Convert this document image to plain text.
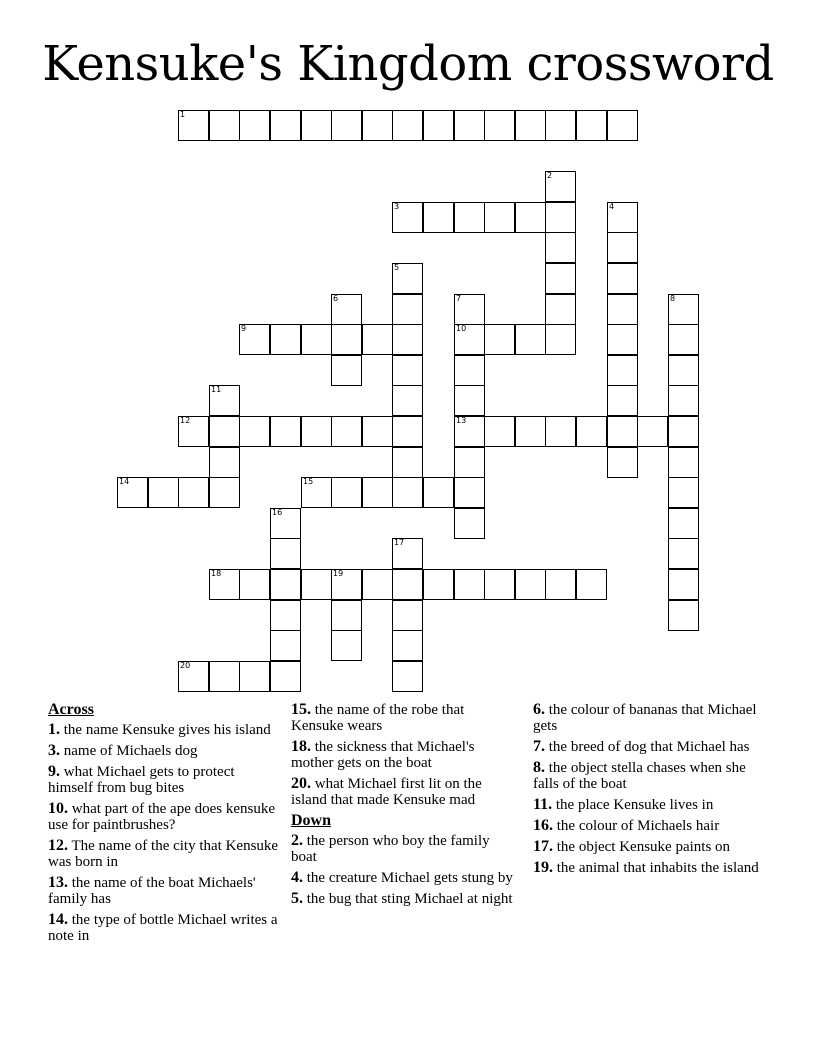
Kensuke's Kingdom crossword
1
2
3	4
5
6	7
10
13
8
9
11
12
14	15
16
17
18	19
20
Across
1. the name Kensuke gives his island
3. name of Michaels dog
9. what Michael gets to protect himself from bug bites
10. what part of the ape does kensuke use for paintbrushes?
12. The name of the city that Kensuke was born in
13. the name of the boat Michaels' family has
14. the type of bottle Michael writes a note in
15. the name of the robe that Kensuke wears
18. the sickness that Michael's mother gets on the boat
20. what Michael first lit on the island that made Kensuke mad
Down
2. the person who boy the family boat
4. the creature Michael gets stung by
5. the bug that sting Michael at night
6. the colour of bananas that Michael gets
7. the breed of dog that Michael has
8. the object stella chases when she falls of the boat
11. the place Kensuke lives in
16. the colour of Michaels hair
17. the object Kensuke paints on
19. the animal that inhabits the island
